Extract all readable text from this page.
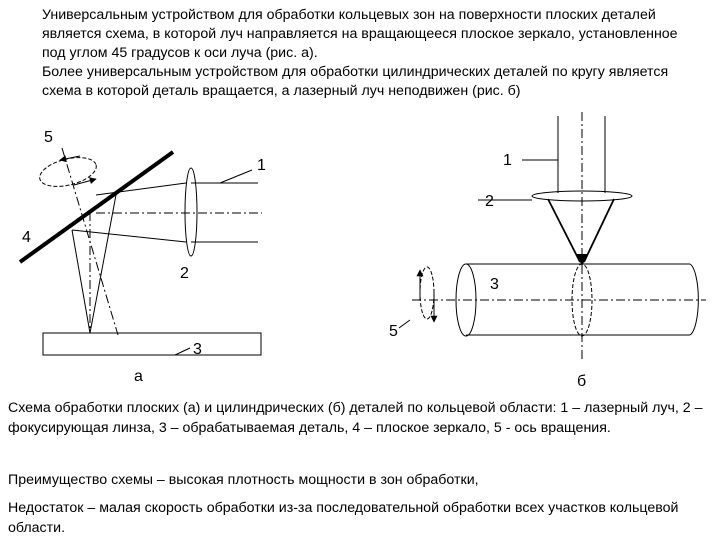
Универсальным устройством для обработки кольцевых зон на поверхности плоских деталей является схема, в которой луч направляется на вращающееся плоское зеркало, установленное под углом 45 градусов к оси луча (рис. а).

Более универсальным устройством для обработки цилиндрических деталей по кругу является схема в которой деталь вращается, а лазерный луч неподвижен (рис. б)

5
1
4
2
3
а
1
2
3
5
б

Схема обработки плоских (а) и цилиндрических (б) деталей по кольцевой области: 1 – лазерный луч, 2 – фокусирующая линза, 3 – обрабатываемая деталь, 4 – плоское зеркало, 5 - ось вращения.

Преимущество схемы – высокая плотность мощности в зон обработки,

Недостаток – малая скорость обработки из-за последовательной обработки всех участков кольцевой области.
